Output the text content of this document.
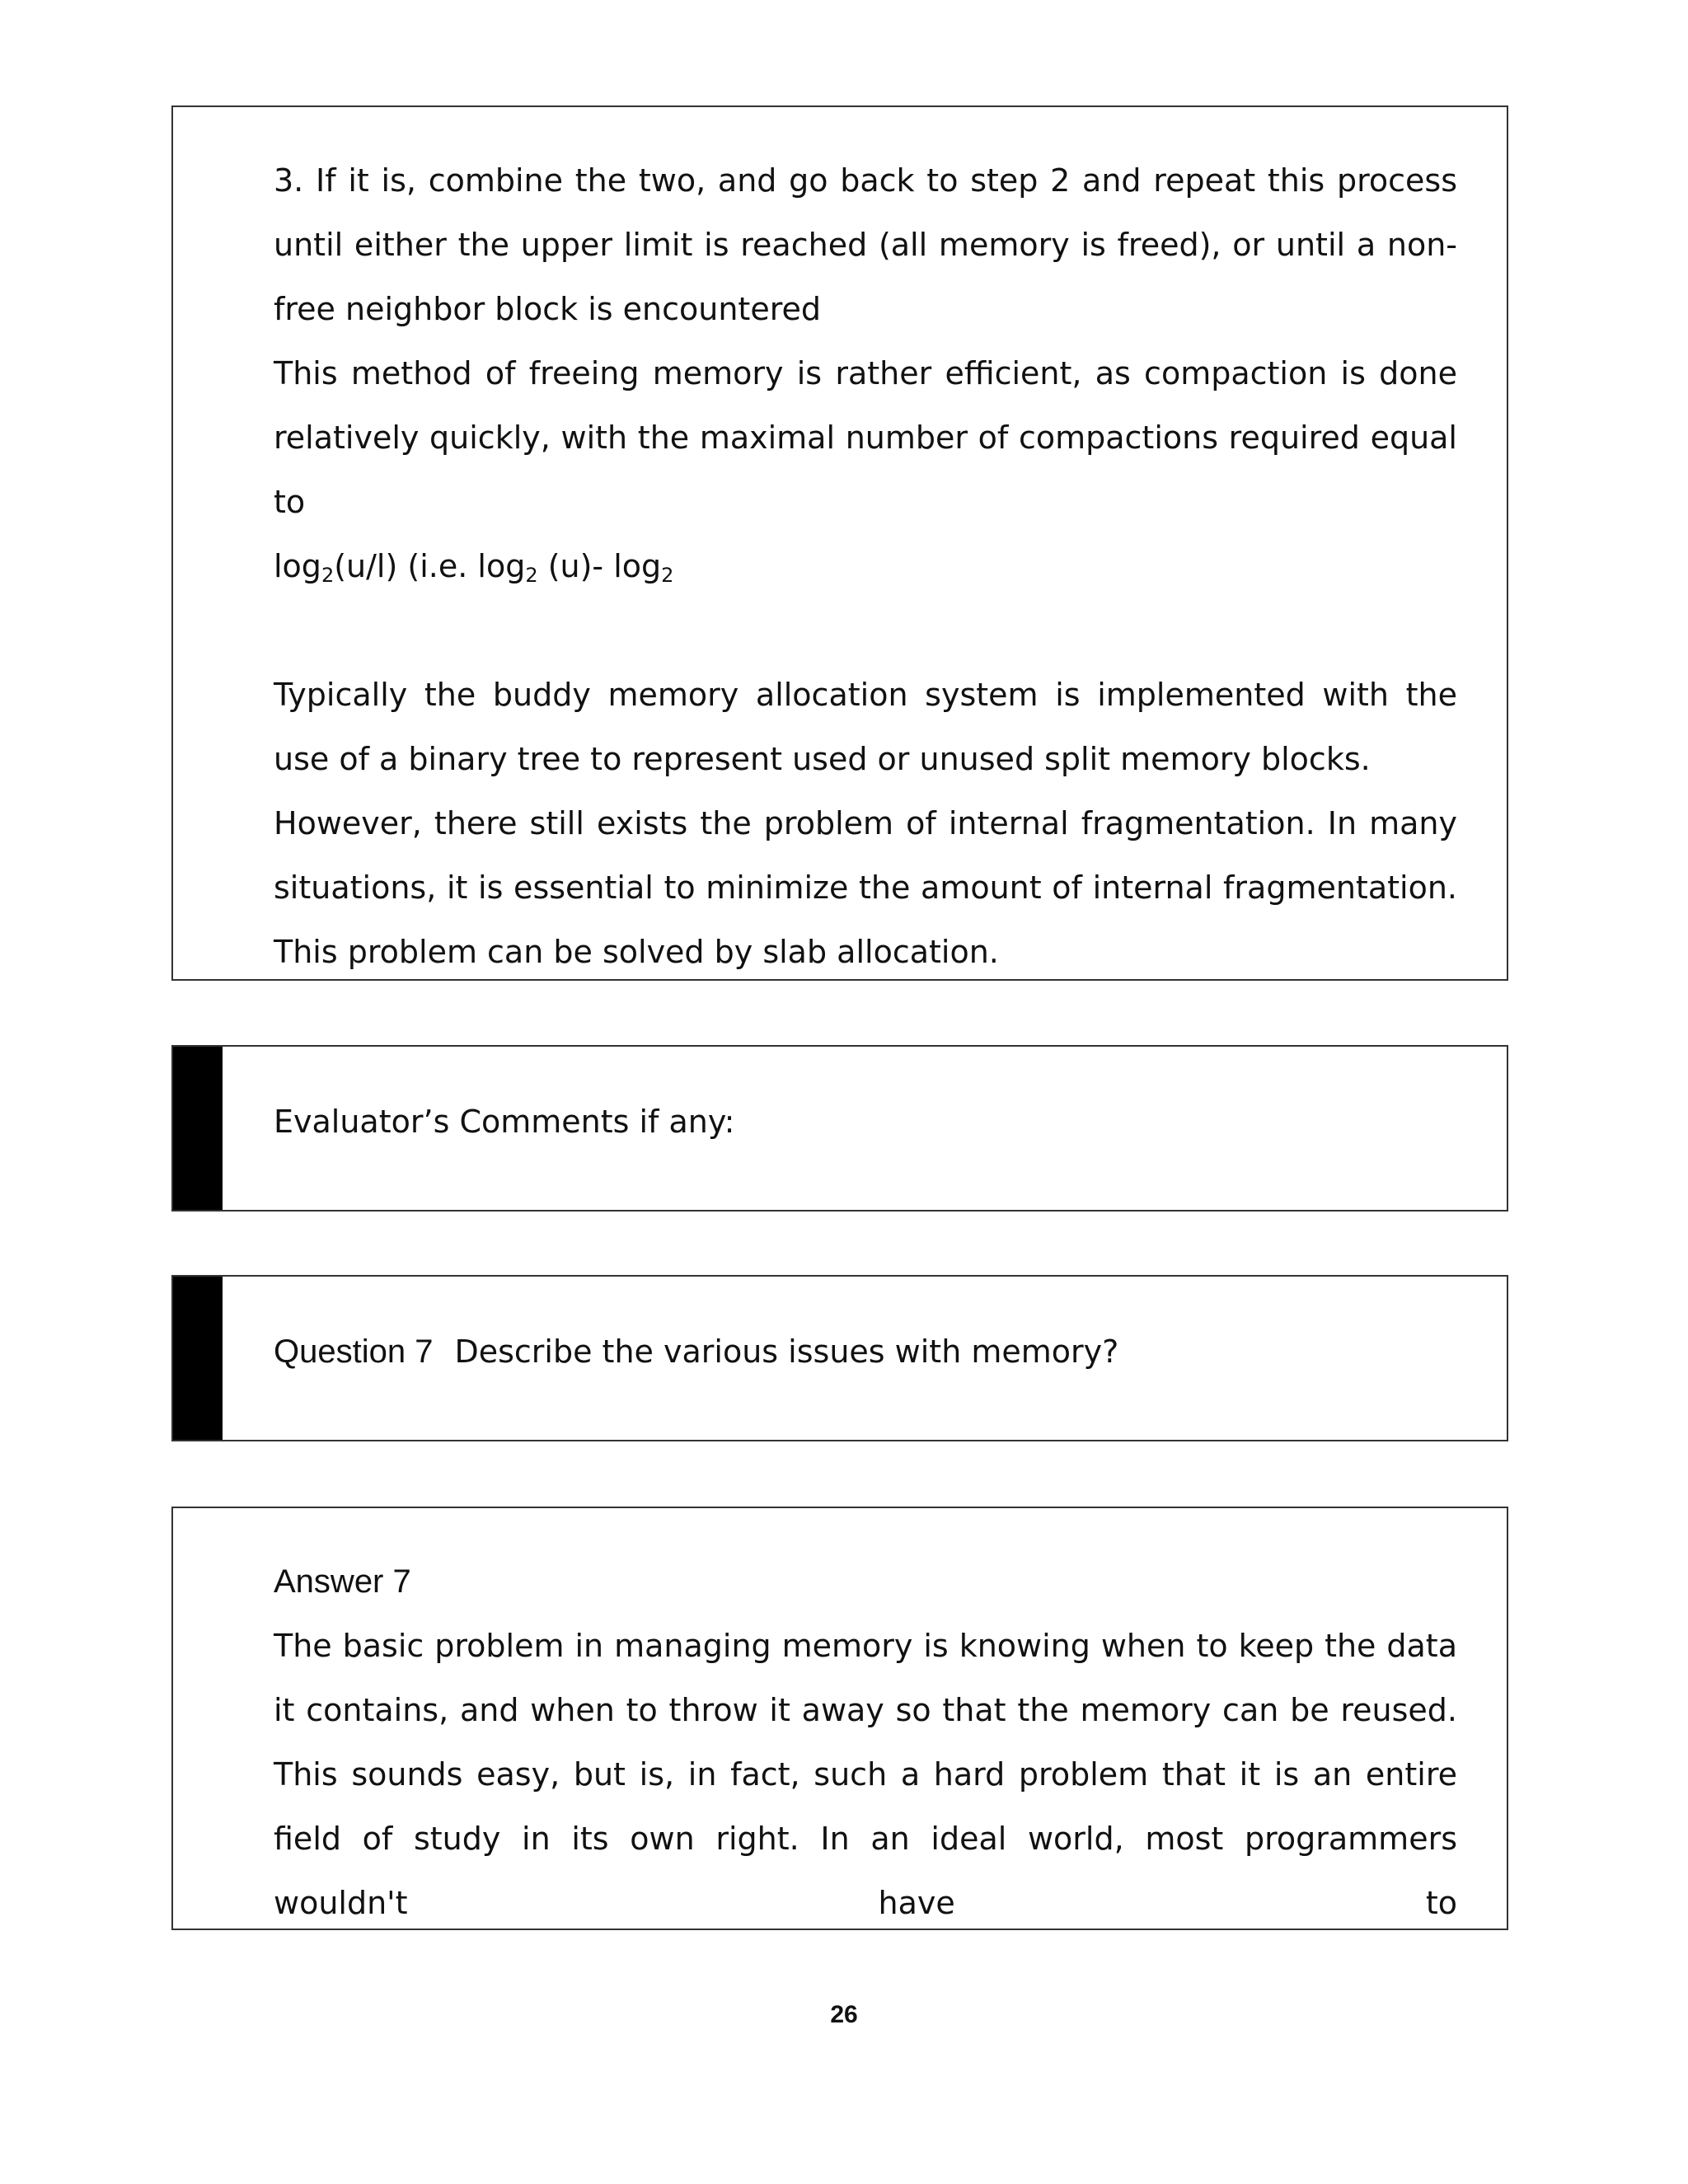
3. If it is, combine the two, and go back to step 2 and repeat this process until either the upper limit is reached (all memory is freed), or until a non-free neighbor block is encountered

This method of freeing memory is rather efficient, as compaction is done relatively quickly, with the maximal number of compactions required equal to
$\log_2(u/l)$ (i.e. $\log_2 (u)-$ $\log_2$

Typically the buddy memory allocation system is implemented with the use of a binary tree to represent used or unused split memory blocks.

However, there still exists the problem of internal fragmentation. In many situations, it is essential to minimize the amount of internal fragmentation. This problem can be solved by slab allocation.

Evaluator’s Comments if any:
Question 7 Describe the various issues with memory?
Answer 7

The basic problem in managing memory is knowing when to keep the data it contains, and when to throw it away so that the memory can be reused. This sounds easy, but is, in fact, such a hard problem that it is an entire field of study in its own right. In an ideal world, most programmers wouldn't have to

26
